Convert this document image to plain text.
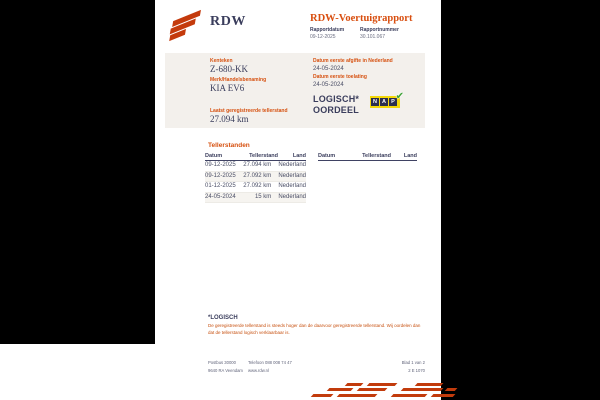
RDW	RDW-Voertuigrapport
Rapportdatum
09-12-2025
Rapportnummer
30.101.067
Kenteken
Z-680-KK
Merk/Handelsbenaming
KIA EV6
Laatst geregistreerde tellerstand
27.094 km
Datum eerste afgifte in Nederland
24-05-2024
Datum eerste toelating
24-05-2024
LOGISCH*
OORDEEL
N A P ✔
Tellerstanden
Datum	Tellerstand	Land
09-12-2025	27.094 km	Nederland
09-12-2025	27.092 km	Nederland
01-12-2025	27.092 km	Nederland
24-05-2024	15 km	Nederland
Datum	Tellerstand	Land
*LOGISCH
De geregistreerde tellerstand is steeds hoger dan de daarvoor geregistreerde tellerstand. Wij oordelen dan
dat de tellerstand logisch verklaarbaar is.
Postbus 30000
9640 RA Veendam
Telefoon 088 008 74 47
www.rdw.nl
Blad 1 van 2
2 E 1070
